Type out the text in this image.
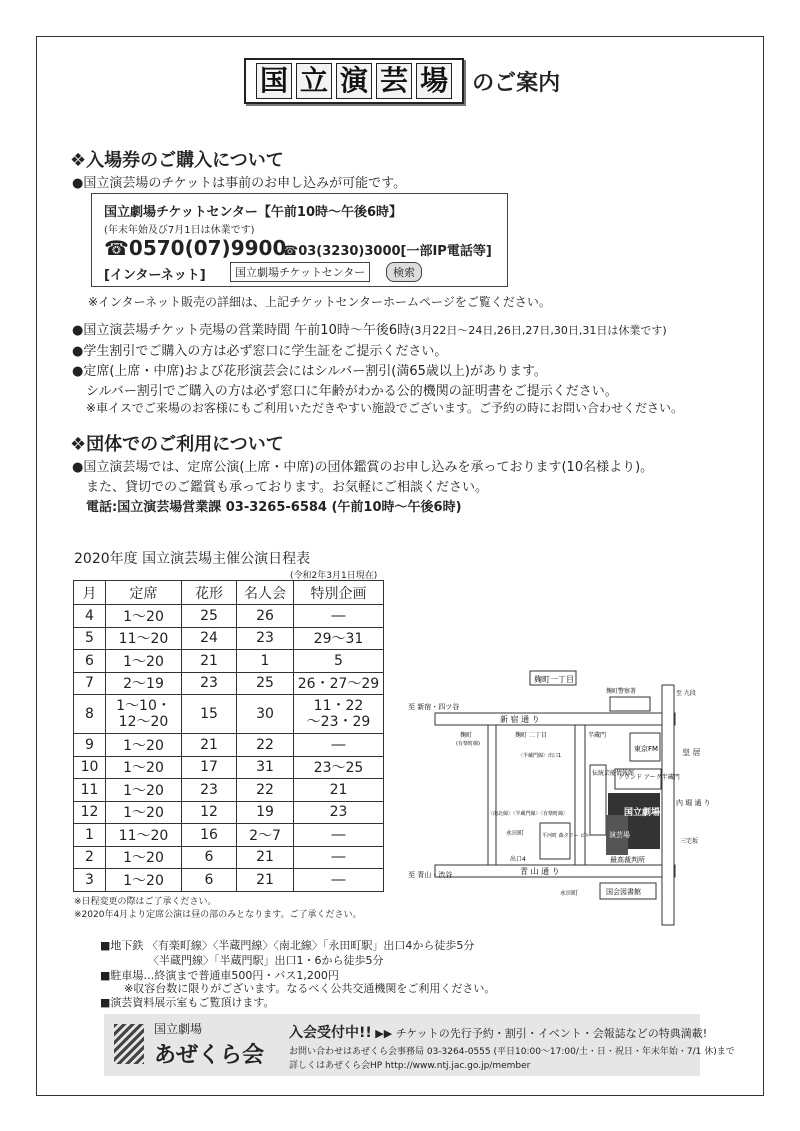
国 立 演 芸 場 のご案内
❖入場券のご購入について
●国立演芸場のチケットは事前のお申し込みが可能です。
国立劇場チケットセンター【午前10時～午後6時】
(年末年始及び7月1日は休業です)
☎0570(07)9900
☎03(3230)3000[一部IP電話等]
[インターネット]	国立劇場チケットセンター	検索
※インターネット販売の詳細は、上記チケットセンターホームページをご覧ください。
●国立演芸場チケット売場の営業時間 午前10時～午後6時(3月22日～24日,26日,27日,30日,31日は休業です)
●学生割引でご購入の方は必ず窓口に学生証をご提示ください。
●定席(上席・中席)および花形演芸会にはシルバー割引(満65歳以上)があります。
シルバー割引でご購入の方は必ず窓口に年齢がわかる公的機関の証明書をご提示ください。
※車イスでご来場のお客様にもご利用いただきやすい施設でございます。ご予約の時にお問い合わせください。
❖団体でのご利用について
●国立演芸場では、定席公演(上席・中席)の団体鑑賞のお申し込みを承っております(10名様より)。
また、貸切でのご鑑賞も承っております。お気軽にご相談ください。
電話:国立演芸場営業課 03-3265-6584 (午前10時～午後6時)
2020年度 国立演芸場主催公演日程表
(令和2年3月1日現在)
月	定席	花形	名人会	特別企画
4	1～20	25	26	―
5	11～20	24	23	29～31
6	1～20	21	1	5
7	2～19	23	25	26・27～29
8	1～10・
12～20	15	30	11・22
～23・29
9	1～20	21	22	―
10	1～20	17	31	23～25
11	1～20	23	22	21
12	1～20	12	19	23
1	11～20	16	2～7	―
2	1～20	6	21	―
3	1～20	6	21	―
※日程変更の際はご了承ください。
※2020年4月より定席公演は昼の部のみとなります。ご了承ください。
麹町一丁目
麹町警察署
至 新宿・四ツ谷
新 宿 通 り
至 九段
半蔵門
麹町
(有楽町線)
麹町 二丁目
〈半蔵門線〉出口1
東京FM	皇 居
内 堀 通 り
伝統芸能情報館
グランド アーク半蔵門
演芸場
国立劇場
平河町 森タワー ビル
永田町
最高裁判所
至 青山・渋谷	青 山 通 り
永田町	国会図書館
三宅坂
〈南北線〉〈半蔵門線〉〈有楽町線〉
出口4
■地下鉄 〈有楽町線〉〈半蔵門線〉〈南北線〉「永田町駅」出口4から徒歩5分
〈半蔵門線〉「半蔵門駅」出口1・6から徒歩5分
■駐車場…終演まで普通車500円・バス1,200円
※収容台数に限りがございます。なるべく公共交通機関をご利用ください。
■演芸資料展示室もご覧頂けます。
国立劇場
あぜくら会
入会受付中!! ▶▶ チケットの先行予約・割引・イベント・会報誌などの特典満載!
お問い合わせはあぜくら会事務局 03-3264-0555 (平日10:00～17:00/土・日・祝日・年末年始・7/1 休)まで
詳しくはあぜくら会HP http://www.ntj.jac.go.jp/member
